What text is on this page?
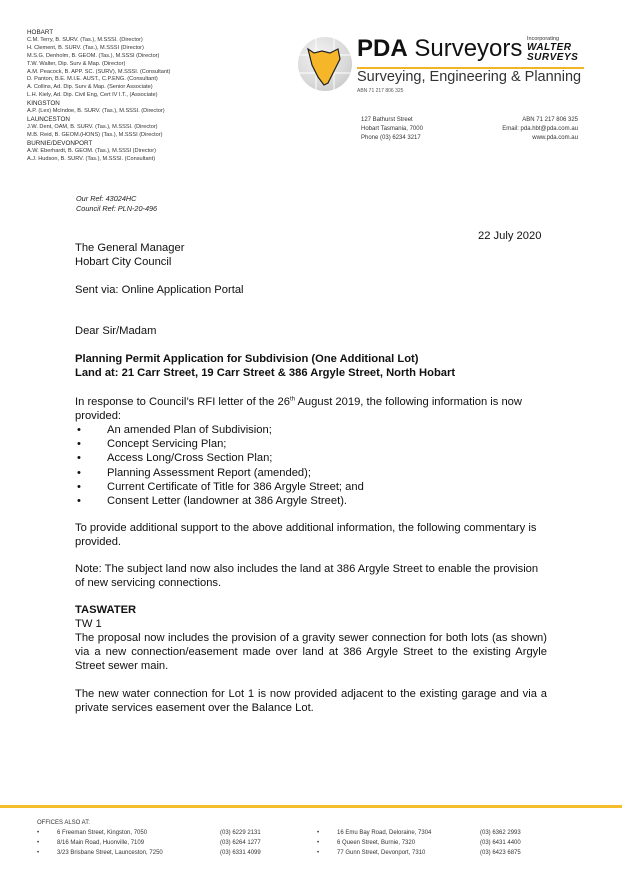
HOBART
C.M. Terry, B. SURV. (Tas.), M.SSSI. (Director)
H. Clement, B. SURV. (Tas.), M.SSSI (Director)
M.S.G. Denholm, B. GEOM. (Tas.), M.SSSI (Director)
T.W. Walter, Dip. Surv & Map. (Director)
A.M. Peacock, B. APP. SC. (SURV), M.SSSI. (Consultant)
D. Panton, B.E. M.I.E. AUST., C.P.ENG. (Consultant)
A. Collins, Ad. Dip. Surv & Map. (Senior Associate)
L.H. Kiely, Ad. Dip. Civil Eng, Cert IV I.T., (Associate)
KINGSTON
A.P. (Lex) McIndoe, B. SURV. (Tas.), M.SSSI. (Director)
LAUNCESTON
J.W. Dent, OAM, B. SURV. (Tas.), M.SSSI. (Director)
M.B. Reid, B. GEOM.(HONS) (Tas.), M.SSSI (Director)
BURNIE/DEVONPORT
A.W. Eberhardt, B. GEOM. (Tas.), M.SSSI (Director)
A.J. Hudson, B. SURV. (Tas.), M.SSSI. (Consultant)
PDA Surveyors
Surveying, Engineering & Planning
ABN 71 217 806 325
Incorporating
WALTER
SURVEYS
127 Bathurst Street
Hobart Tasmania, 7000
Phone (03) 6234 3217
ABN 71 217 806 325
Email: pda.hbt@pda.com.au
www.pda.com.au
Our Ref: 43024HC
Council Ref: PLN-20-496
22 July 2020
The General Manager
Hobart City Council
Sent via: Online Application Portal
Dear Sir/Madam
Planning Permit Application for Subdivision (One Additional Lot)
Land at: 21 Carr Street, 19 Carr Street & 386 Argyle Street, North Hobart
In response to Council’s RFI letter of the 26th August 2019, the following information is now provided:
•	An amended Plan of Subdivision;
•	Concept Servicing Plan;
•	Access Long/Cross Section Plan;
•	Planning Assessment Report (amended);
•	Current Certificate of Title for 386 Argyle Street; and
•	Consent Letter (landowner at 386 Argyle Street).
To provide additional support to the above additional information, the following commentary is provided.
Note: The subject land now also includes the land at 386 Argyle Street to enable the provision of new servicing connections.
TASWATER
TW 1
The proposal now includes the provision of a gravity sewer connection for both lots (as shown) via a new connection/easement made over land at 386 Argyle Street to the existing Argyle Street sewer main.
The new water connection for Lot 1 is now provided adjacent to the existing garage and via a private services easement over the Balance Lot.
OFFICES ALSO AT:
•	6 Freeman Street, Kingston, 7050	(03) 6229 2131
•	8/16 Main Road, Huonville, 7109	(03) 6264 1277
•	3/23 Brisbane Street, Launceston, 7250	(03) 6331 4099
•	16 Emu Bay Road, Deloraine, 7304	(03) 6362 2993
•	6 Queen Street, Burnie, 7320	(03) 6431 4400
•	77 Gunn Street, Devonport, 7310	(03) 6423 6875
